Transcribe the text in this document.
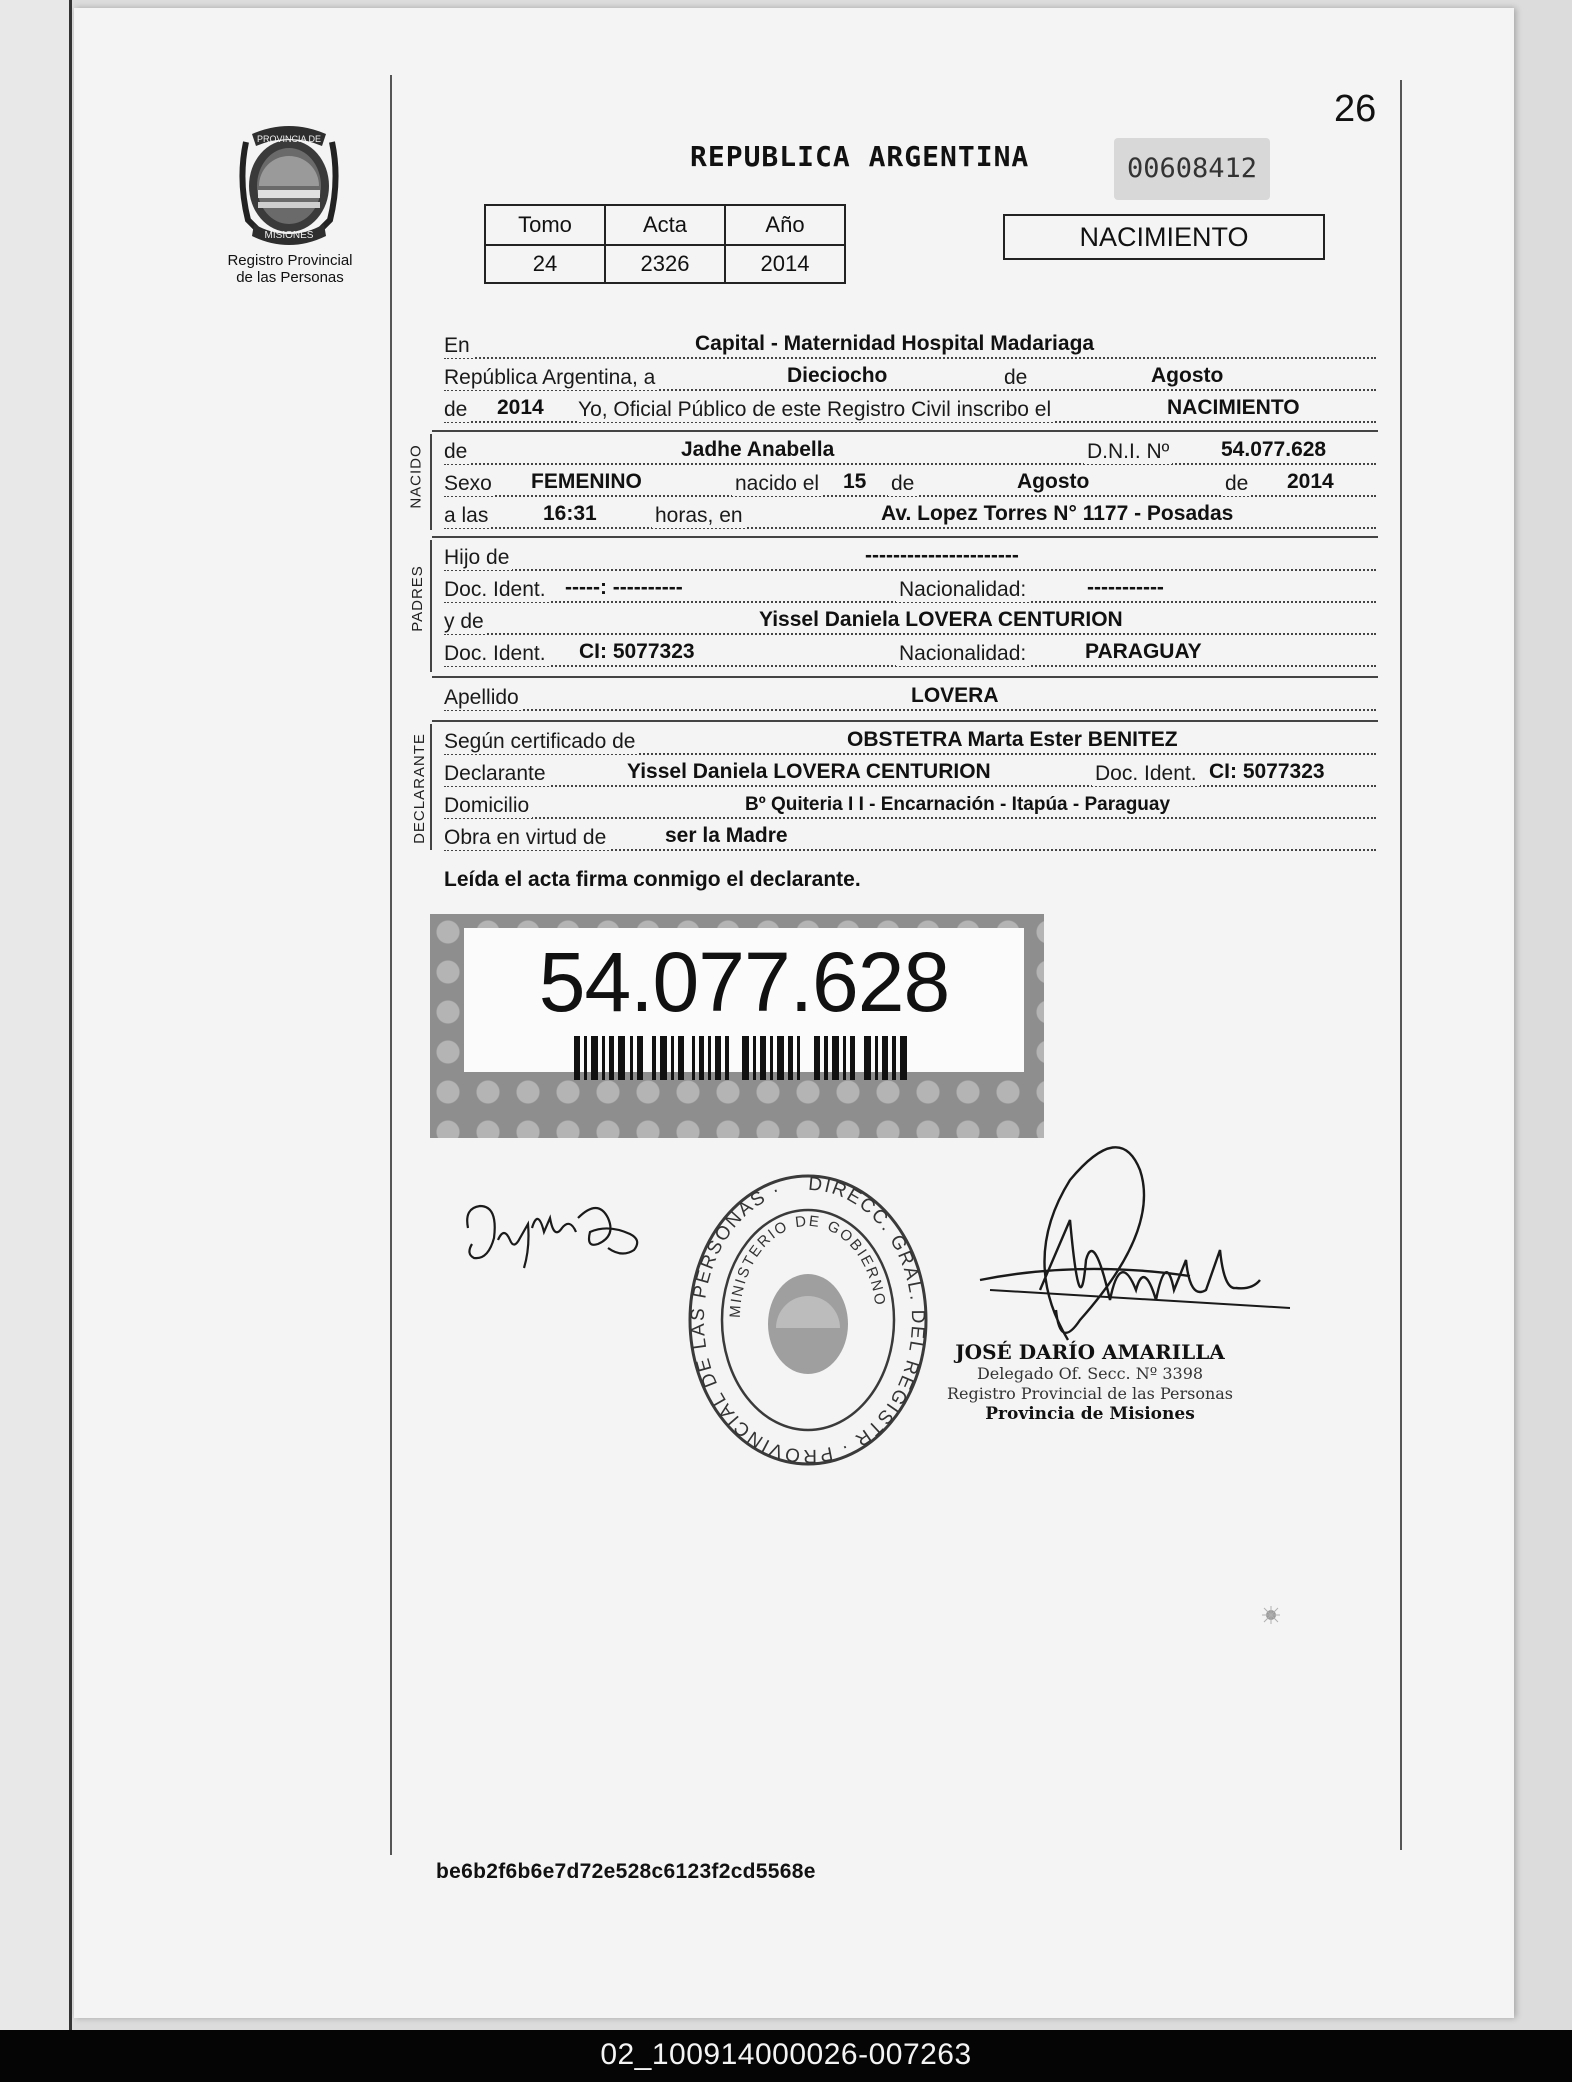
26
PROVINCIA DE
MISIONES
Registro Provincial
de las Personas
REPUBLICA ARGENTINA	00608412
Tomo	Acta	Año
24	2326	2014
NACIMIENTO
En	Capital - Maternidad Hospital Madariaga
República Argentina, a	Dieciocho	de	Agosto
de 2014 Yo, Oficial Público de este Registro Civil inscribo el	NACIMIENTO
NACIDO de	Jadhe Anabella	D.N.I. Nº 54.077.628
Sexo FEMENINO	nacido el 15 de	Agosto	de 2014
a las	16:31	horas, en	Av. Lopez Torres N° 1177 - Posadas
PADRES
Hijo de	----------------------
Doc. Ident. -----: ----------	Nacionalidad:	-----------
y de	Yissel Daniela LOVERA CENTURION
Doc. Ident. CI: 5077323	Nacionalidad:	PARAGUAY
Apellido	LOVERA
DECLARANTE Según certificado de	OBSTETRA Marta Ester BENITEZ
Declarante	Yissel Daniela LOVERA CENTURION	Doc. Ident. CI: 5077323
Domicilio	Bº Quiteria I I - Encarnación - Itapúa - Paraguay
Obra en virtud de	ser la Madre
Leída el acta firma conmigo el declarante.
54.077.628
DIRECC. GRAL. DEL REGISTR · PROVINCIAL DE LAS PERSONAS ·
MINISTERIO DE GOBIERNO
JOSÉ DARÍO AMARILLA
Delegado Of. Secc. Nº 3398
Registro Provincial de las Personas
Provincia de Misiones
be6b2f6b6e7d72e528c6123f2cd5568e
02_100914000026-007263
